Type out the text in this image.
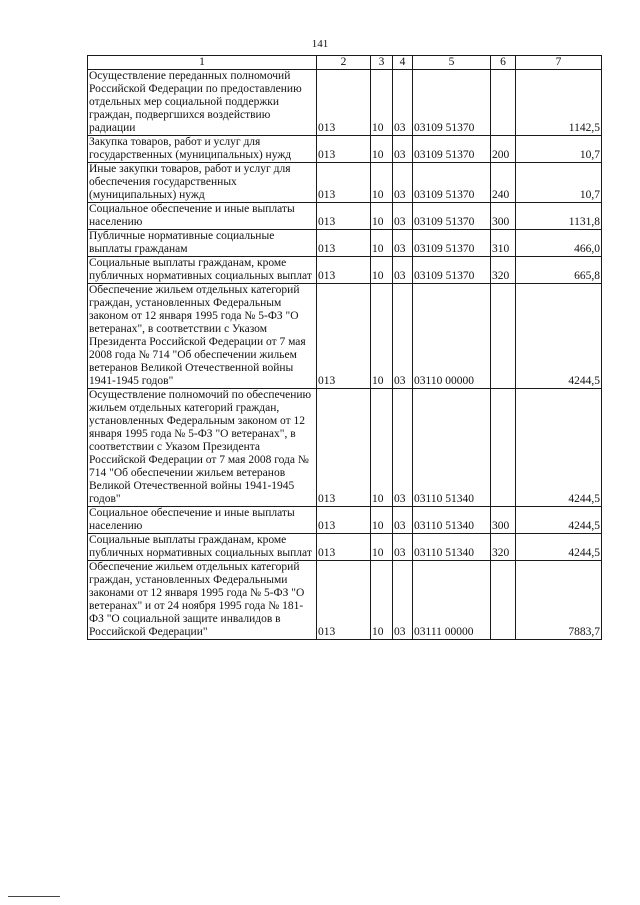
141
1	2	3	4	5	6	7
Осуществление переданных полномочий Российской Федерации по предоставлению отдельных мер социальной поддержки граждан, подвергшихся воздействию радиации	013	10	03	03109 51370		1142,5
Закупка товаров, работ и услуг для государственных (муниципальных) нужд	013	10	03	03109 51370	200	10,7
Иные закупки товаров, работ и услуг для обеспечения государственных (муниципальных) нужд	013	10	03	03109 51370	240	10,7
Социальное обеспечение и иные выплаты населению	013	10	03	03109 51370	300	1131,8
Публичные нормативные социальные выплаты гражданам	013	10	03	03109 51370	310	466,0
Социальные выплаты гражданам, кроме публичных нормативных социальных выплат	013	10	03	03109 51370	320	665,8
Обеспечение жильем отдельных категорий граждан, установленных Федеральным законом от 12 января 1995 года № 5-ФЗ "О ветеранах", в соответствии с Указом Президента Российской Федерации от 7 мая 2008 года № 714 "Об обеспечении жильем ветеранов Великой Отечественной войны 1941-1945 годов"	013	10	03	03110 00000		4244,5
Осуществление полномочий по обеспечению жильем отдельных категорий граждан, установленных Федеральным законом от 12 января 1995 года № 5-ФЗ "О ветеранах", в соответствии с Указом Президента Российской Федерации от 7 мая 2008 года № 714 "Об обеспечении жильем ветеранов Великой Отечественной войны 1941-1945 годов"	013	10	03	03110 51340		4244,5
Социальное обеспечение и иные выплаты населению	013	10	03	03110 51340	300	4244,5
Социальные выплаты гражданам, кроме публичных нормативных социальных выплат	013	10	03	03110 51340	320	4244,5
Обеспечение жильем отдельных категорий граждан, установленных Федеральными законами от 12 января 1995 года № 5-ФЗ "О ветеранах" и от 24 ноября 1995 года № 181-ФЗ "О социальной защите инвалидов в Российской Федерации"	013	10	03	03111 00000		7883,7
